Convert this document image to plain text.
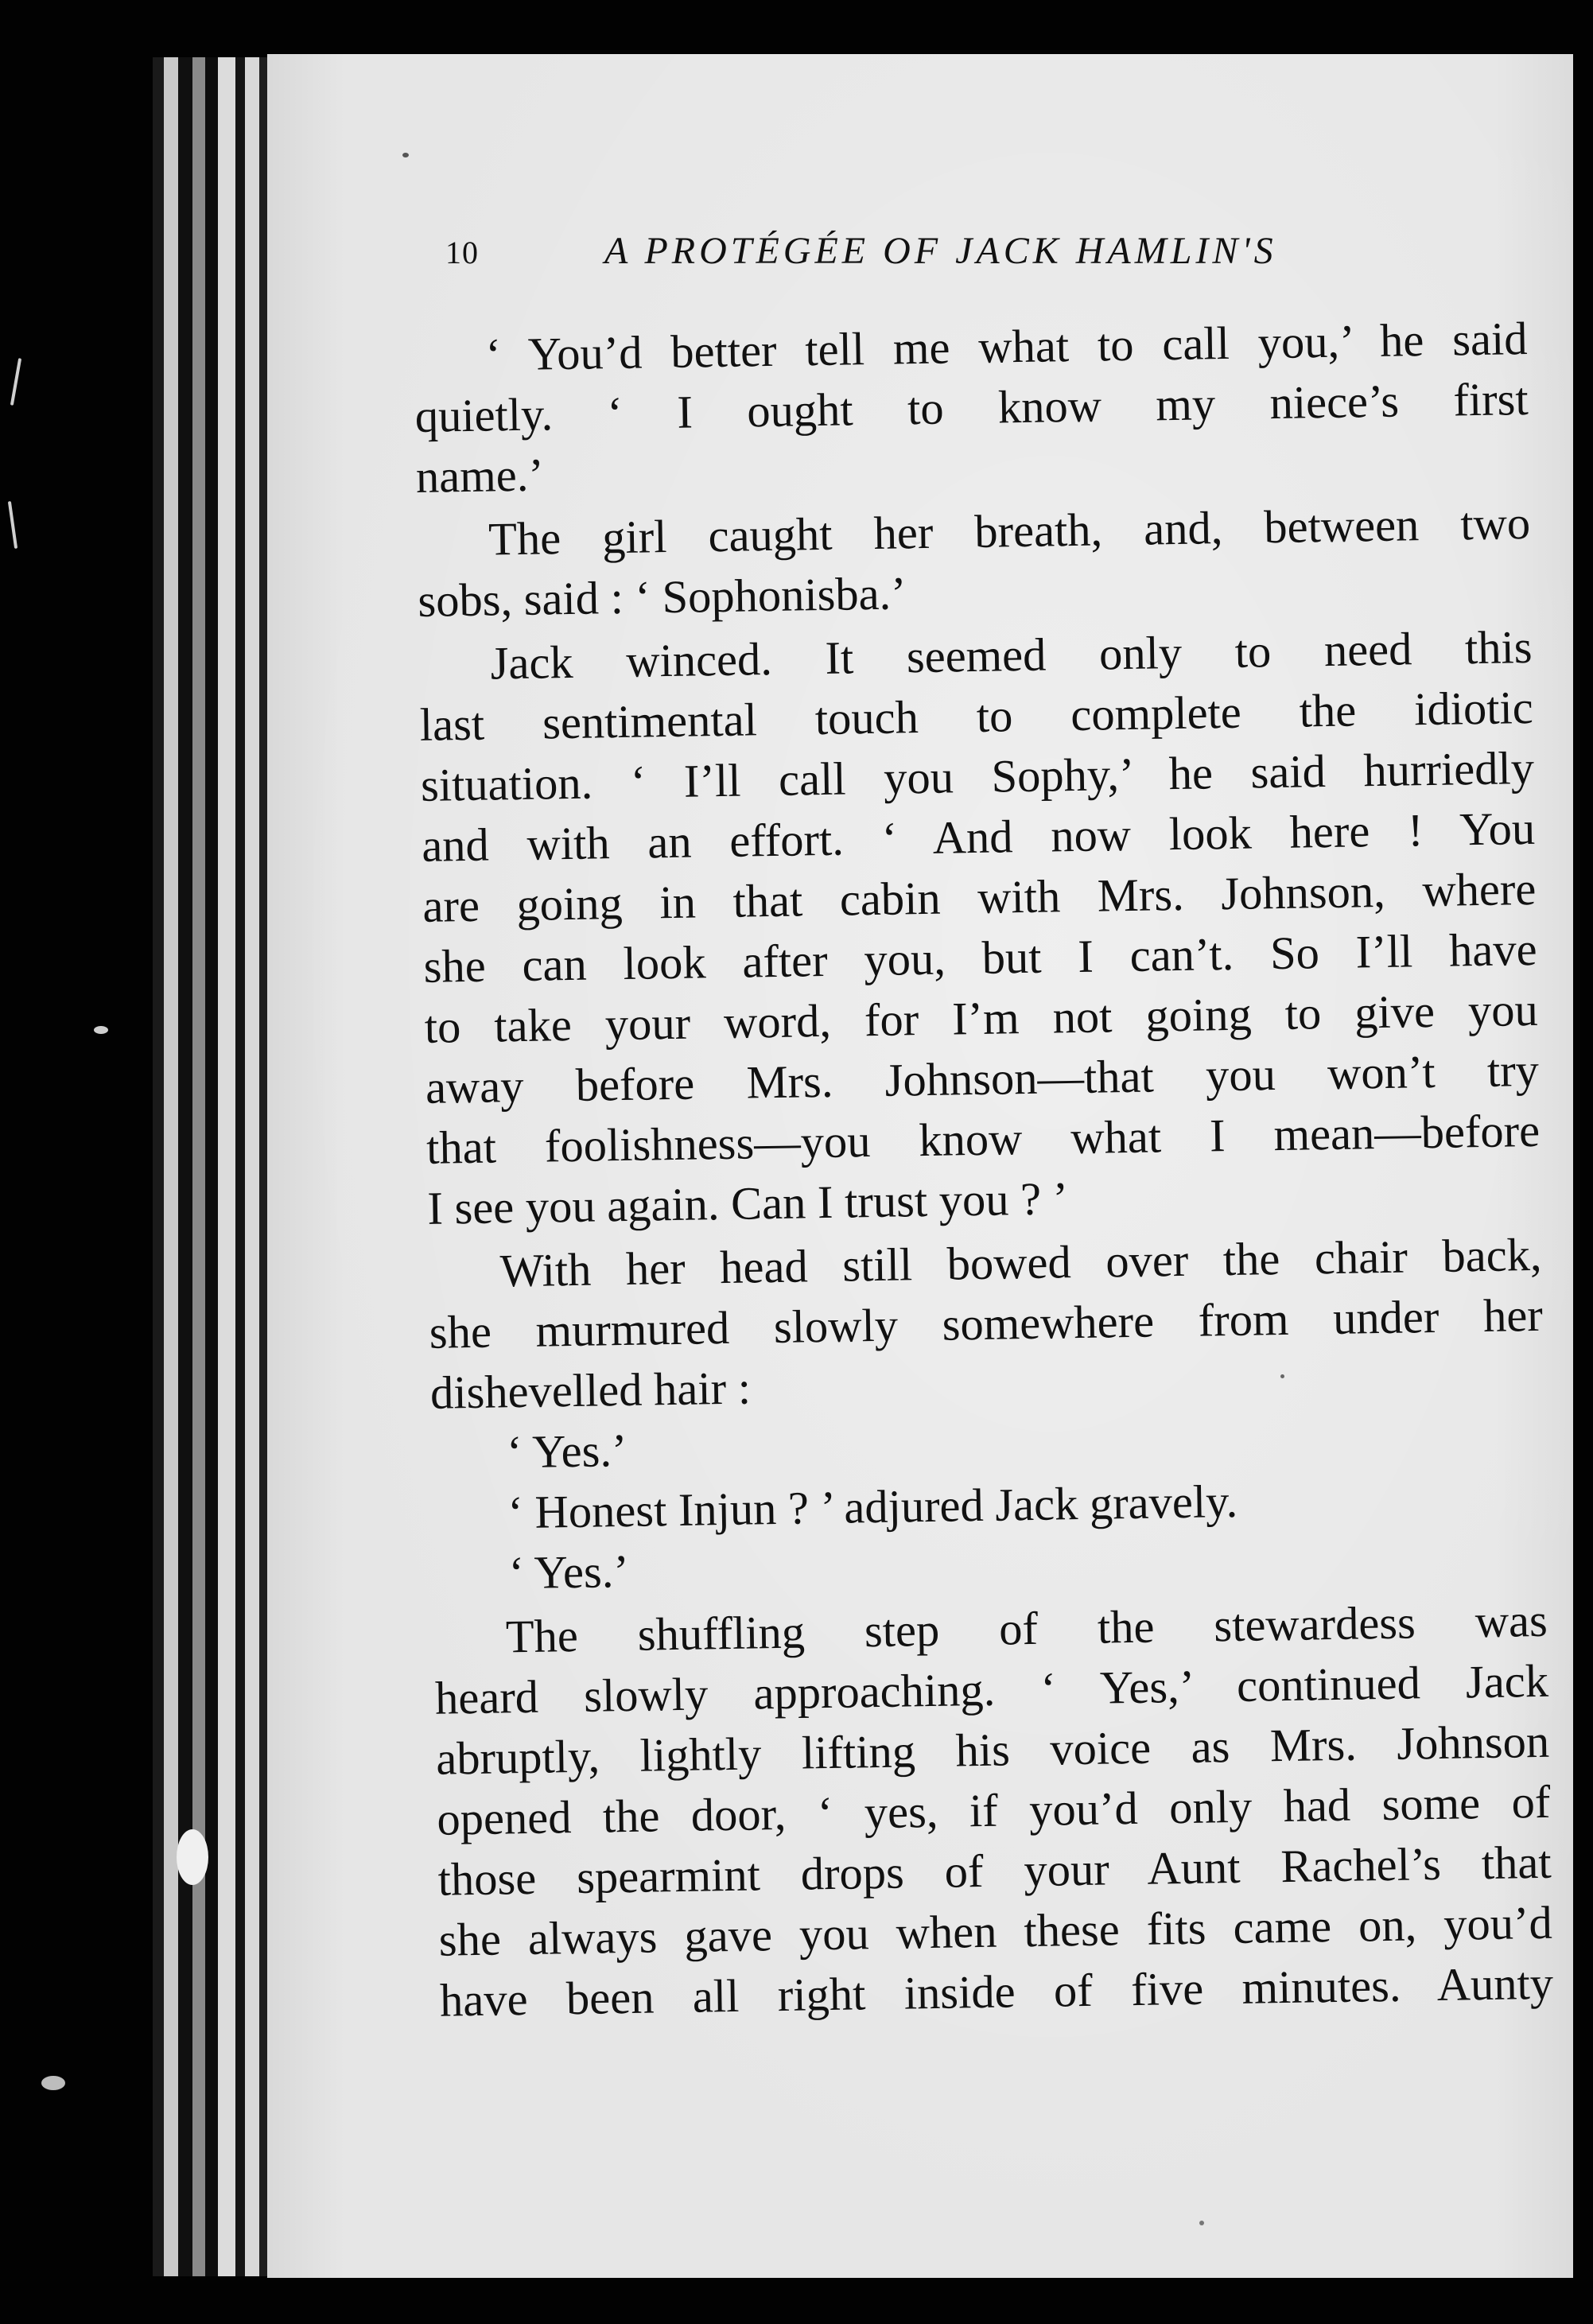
10	A PROTÉGÉE OF JACK HAMLIN'S
‘ You’d better tell me what to call you,’ he said
quietly. ‘ I ought to know my niece’s first
name.’
The girl caught her breath, and, between two
sobs, said : ‘ Sophonisba.’
Jack winced. It seemed only to need this
last sentimental touch to complete the idiotic
situation. ‘ I’ll call you Sophy,’ he said hurriedly
and with an effort. ‘ And now look here ! You
are going in that cabin with Mrs. Johnson, where
she can look after you, but I can’t. So I’ll have
to take your word, for I’m not going to give you
away before Mrs. Johnson—that you won’t try
that foolishness—you know what I mean—before
I see you again. Can I trust you ? ’
With her head still bowed over the chair back,
she murmured slowly somewhere from under her
dishevelled hair :
‘ Yes.’
‘ Honest Injun ? ’ adjured Jack gravely.
‘ Yes.’
The shuffling step of the stewardess was
heard slowly approaching. ‘ Yes,’ continued Jack
abruptly, lightly lifting his voice as Mrs. Johnson
opened the door, ‘ yes, if you’d only had some of
those spearmint drops of your Aunt Rachel’s that
she always gave you when these fits came on, you’d
have been all right inside of five minutes. Aunty
